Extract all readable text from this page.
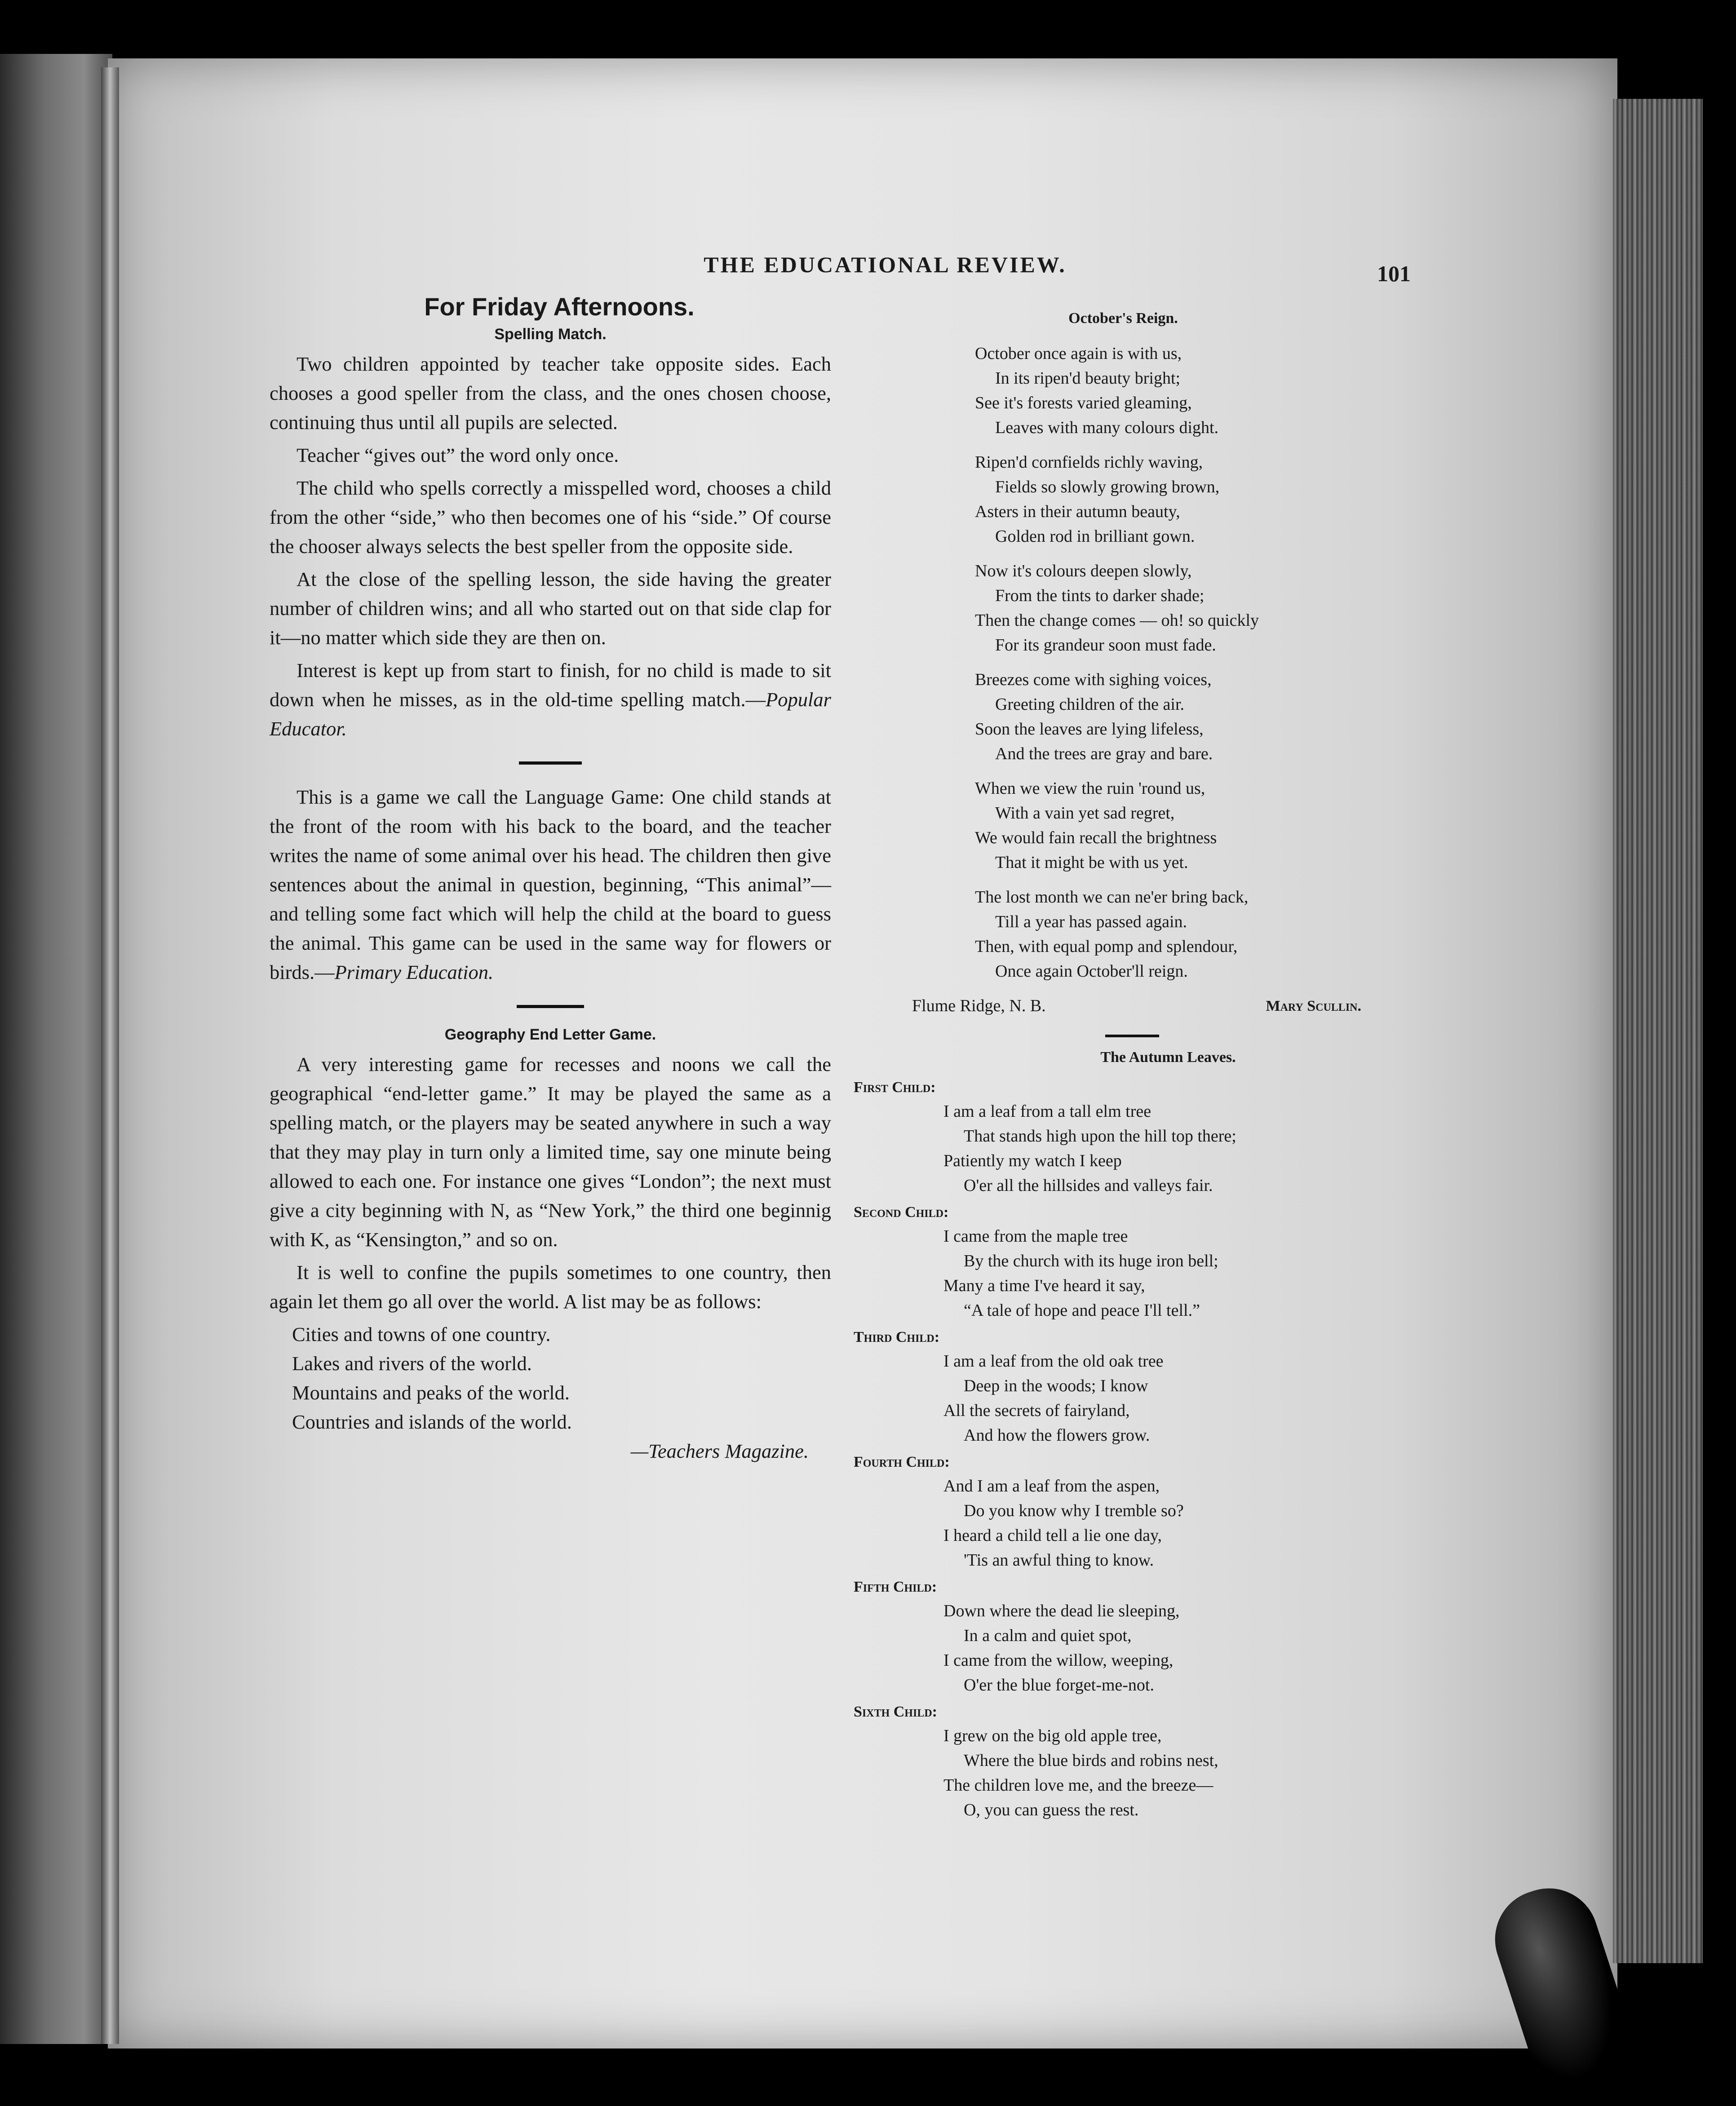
THE EDUCATIONAL REVIEW.	101
For Friday Afternoons.
Spelling Match.

Two children appointed by teacher take opposite sides. Each chooses a good speller from the class, and the ones chosen choose, continuing thus until all pupils are selected.

Teacher “gives out” the word only once.

The child who spells correctly a misspelled word, chooses a child from the other “side,” who then becomes one of his “side.” Of course the chooser always selects the best speller from the opposite side.

At the close of the spelling lesson, the side having the greater number of children wins; and all who started out on that side clap for it—no matter which side they are then on.

Interest is kept up from start to finish, for no child is made to sit down when he misses, as in the old-time spelling match.—Popular Educator.

This is a game we call the Language Game: One child stands at the front of the room with his back to the board, and the teacher writes the name of some animal over his head. The children then give sentences about the animal in question, beginning, “This animal”—and telling some fact which will help the child at the board to guess the animal. This game can be used in the same way for flowers or birds.—Primary Education.

Geography End Letter Game.

A very interesting game for recesses and noons we call the geographical “end-letter game.” It may be played the same as a spelling match, or the players may be seated anywhere in such a way that they may play in turn only a limited time, say one minute being allowed to each one. For instance one gives “London”; the next must give a city beginning with N, as “New York,” the third one beginnig with K, as “Kensington,” and so on.

It is well to confine the pupils sometimes to one country, then again let them go all over the world. A list may be as follows:

Cities and towns of one country.
Lakes and rivers of the world.
Mountains and peaks of the world.
Countries and islands of the world.
—Teachers Magazine.
October's Reign.
October once again is with us,
In its ripen'd beauty bright;
See it's forests varied gleaming,
Leaves with many colours dight.
Ripen'd cornfields richly waving,
Fields so slowly growing brown,
Asters in their autumn beauty,
Golden rod in brilliant gown.
Now it's colours deepen slowly,
From the tints to darker shade;
Then the change comes — oh! so quickly
For its grandeur soon must fade.
Breezes come with sighing voices,
Greeting children of the air.
Soon the leaves are lying lifeless,
And the trees are gray and bare.
When we view the ruin 'round us,
With a vain yet sad regret,
We would fain recall the brightness
That it might be with us yet.
The lost month we can ne'er bring back,
Till a year has passed again.
Then, with equal pomp and splendour,
Once again October'll reign.
Flume Ridge, N. B.	Mary Scullin.
The Autumn Leaves.
First Child:
I am a leaf from a tall elm tree
That stands high upon the hill top there;
Patiently my watch I keep
O'er all the hillsides and valleys fair.
Second Child:
I came from the maple tree
By the church with its huge iron bell;
Many a time I've heard it say,
“A tale of hope and peace I'll tell.”
Third Child:
I am a leaf from the old oak tree
Deep in the woods; I know
All the secrets of fairyland,
And how the flowers grow.
Fourth Child:
And I am a leaf from the aspen,
Do you know why I tremble so?
I heard a child tell a lie one day,
'Tis an awful thing to know.
Fifth Child:
Down where the dead lie sleeping,
In a calm and quiet spot,
I came from the willow, weeping,
O'er the blue forget-me-not.
Sixth Child:
I grew on the big old apple tree,
Where the blue birds and robins nest,
The children love me, and the breeze—
O, you can guess the rest.
